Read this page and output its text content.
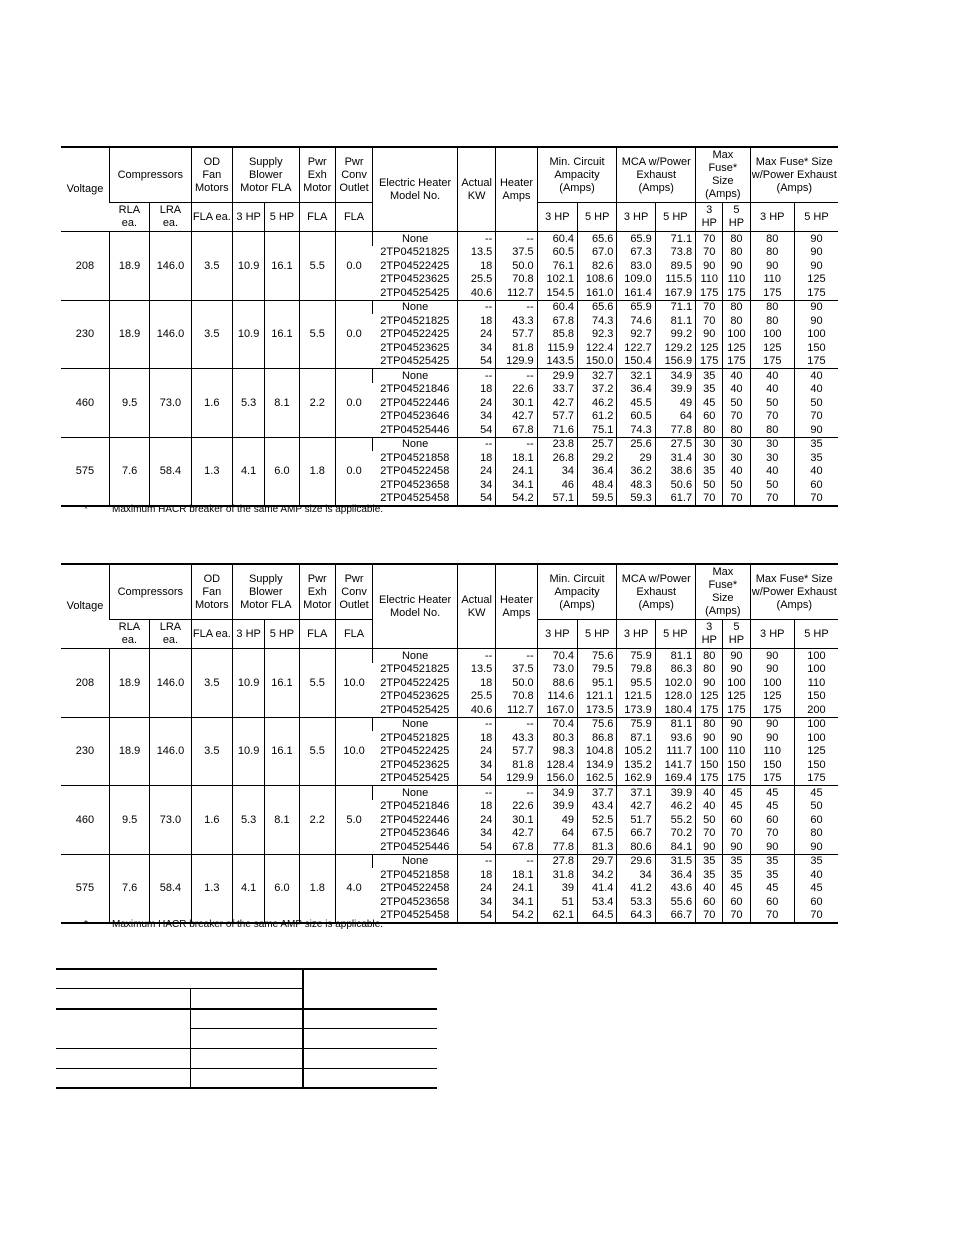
Voltage	Compressors		OD Fan Motors	Supply Blower Motor FLA		Pwr Exh Motor	Pwr Conv Outlet	Electric Heater Model No.	Actual KW	Heater Amps	Min. Circuit Ampacity (Amps)		MCA w/Power Exhaust (Amps)		Max Fuse* Size (Amps)		Max Fuse* Size w/Power Exhaust (Amps)	
	RLA ea.	LRA ea.	FLA ea.	3 HP	5 HP	FLA	FLA				3 HP	5 HP	3 HP	5 HP	3 HP	5 HP	3 HP	5 HP
208	18.9	146.0	3.5	10.9	16.1	5.5	0.0	None	--	--	60.4	65.6	65.9	71.1	70	80	80	90
								2TP04521825	13.5	37.5	60.5	67.0	67.3	73.8	70	80	80	90
								2TP04522425	18	50.0	76.1	82.6	83.0	89.5	90	90	90	90
								2TP04523625	25.5	70.8	102.1	108.6	109.0	115.5	110	110	110	125
								2TP04525425	40.6	112.7	154.5	161.0	161.4	167.9	175	175	175	175
230	18.9	146.0	3.5	10.9	16.1	5.5	0.0	None	--	--	60.4	65.6	65.9	71.1	70	80	80	90
								2TP04521825	18	43.3	67.8	74.3	74.6	81.1	70	80	80	90
								2TP04522425	24	57.7	85.8	92.3	92.7	99.2	90	100	100	100
								2TP04523625	34	81.8	115.9	122.4	122.7	129.2	125	125	125	150
								2TP04525425	54	129.9	143.5	150.0	150.4	156.9	175	175	175	175
460	9.5	73.0	1.6	5.3	8.1	2.2	0.0	None	--	--	29.9	32.7	32.1	34.9	35	40	40	40
								2TP04521846	18	22.6	33.7	37.2	36.4	39.9	35	40	40	40
								2TP04522446	24	30.1	42.7	46.2	45.5	49	45	50	50	50
								2TP04523646	34	42.7	57.7	61.2	60.5	64	60	70	70	70
								2TP04525446	54	67.8	71.6	75.1	74.3	77.8	80	80	80	90
575	7.6	58.4	1.3	4.1	6.0	1.8	0.0	None	--	--	23.8	25.7	25.6	27.5	30	30	30	35
								2TP04521858	18	18.1	26.8	29.2	29	31.4	30	30	30	35
								2TP04522458	24	24.1	34	36.4	36.2	38.6	35	40	40	40
								2TP04523658	34	34.1	46	48.4	48.3	50.6	50	50	50	60
								2TP04525458	54	54.2	57.1	59.5	59.3	61.7	70	70	70	70
* Maximum HACR breaker of the same AMP size is applicable.
Voltage	Compressors		OD Fan Motors	Supply Blower Motor FLA		Pwr Exh Motor	Pwr Conv Outlet	Electric Heater Model No.	Actual KW	Heater Amps	Min. Circuit Ampacity (Amps)		MCA w/Power Exhaust (Amps)		Max Fuse* Size (Amps)		Max Fuse* Size w/Power Exhaust (Amps)	
	RLA ea.	LRA ea.	FLA ea.	3 HP	5 HP	FLA	FLA				3 HP	5 HP	3 HP	5 HP	3 HP	5 HP	3 HP	5 HP
208	18.9	146.0	3.5	10.9	16.1	5.5	10.0	None	--	--	70.4	75.6	75.9	81.1	80	90	90	100
								2TP04521825	13.5	37.5	73.0	79.5	79.8	86.3	80	90	90	100
								2TP04522425	18	50.0	88.6	95.1	95.5	102.0	90	100	100	110
								2TP04523625	25.5	70.8	114.6	121.1	121.5	128.0	125	125	125	150
								2TP04525425	40.6	112.7	167.0	173.5	173.9	180.4	175	175	175	200
230	18.9	146.0	3.5	10.9	16.1	5.5	10.0	None	--	--	70.4	75.6	75.9	81.1	80	90	90	100
								2TP04521825	18	43.3	80.3	86.8	87.1	93.6	90	90	90	100
								2TP04522425	24	57.7	98.3	104.8	105.2	111.7	100	110	110	125
								2TP04523625	34	81.8	128.4	134.9	135.2	141.7	150	150	150	150
								2TP04525425	54	129.9	156.0	162.5	162.9	169.4	175	175	175	175
460	9.5	73.0	1.6	5.3	8.1	2.2	5.0	None	--	--	34.9	37.7	37.1	39.9	40	45	45	45
								2TP04521846	18	22.6	39.9	43.4	42.7	46.2	40	45	45	50
								2TP04522446	24	30.1	49	52.5	51.7	55.2	50	60	60	60
								2TP04523646	34	42.7	64	67.5	66.7	70.2	70	70	70	80
								2TP04525446	54	67.8	77.8	81.3	80.6	84.1	90	90	90	90
575	7.6	58.4	1.3	4.1	6.0	1.8	4.0	None	--	--	27.8	29.7	29.6	31.5	35	35	35	35
								2TP04521858	18	18.1	31.8	34.2	34	36.4	35	35	35	40
								2TP04522458	24	24.1	39	41.4	41.2	43.6	40	45	45	45
								2TP04523658	34	34.1	51	53.4	53.3	55.6	60	60	60	60
								2TP04525458	54	54.2	62.1	64.5	64.3	66.7	70	70	70	70
* Maximum HACR breaker of the same AMP size is applicable.
